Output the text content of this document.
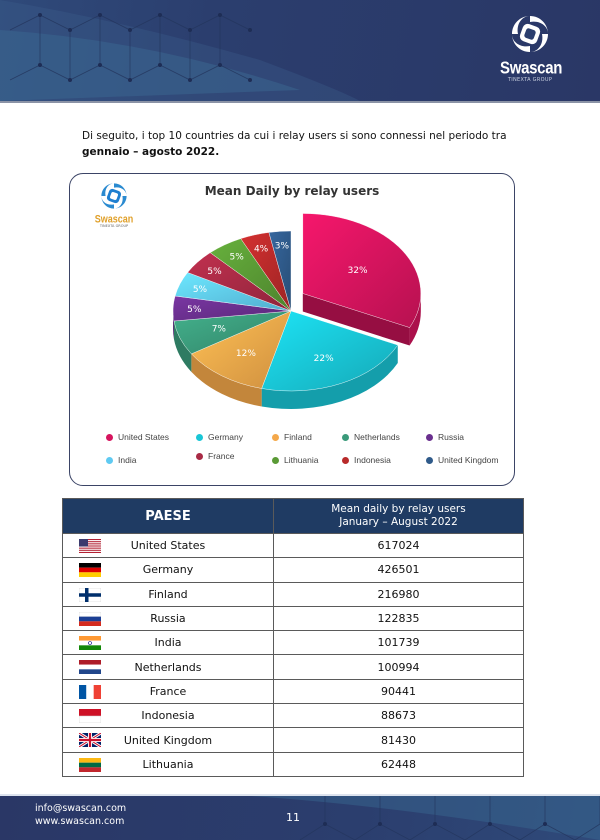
Swascan
TINEXTA GROUP
Di seguito, i top 10 countries da cui i relay users si sono connessi nel periodo tra gennaio – agosto 2022.
Swascan
TINEXTA GROUP
Mean Daily by relay users
32%
22%
12%
7%
5%
5%
5%
5%
4% 3%
United States	Germany	Finland	Netherlands	Russia
India	France	Lithuania	Indonesia	United Kingdom
PAESE	Mean daily by relay users
January – August 2022

United States	617024

Germany	426501

Finland	216980

Russia	122835

India	101739

Netherlands	100994

France	90441

Indonesia	88673

United Kingdom	81430

Lithuania	62448
info@swascan.com
www.swascan.com	11
